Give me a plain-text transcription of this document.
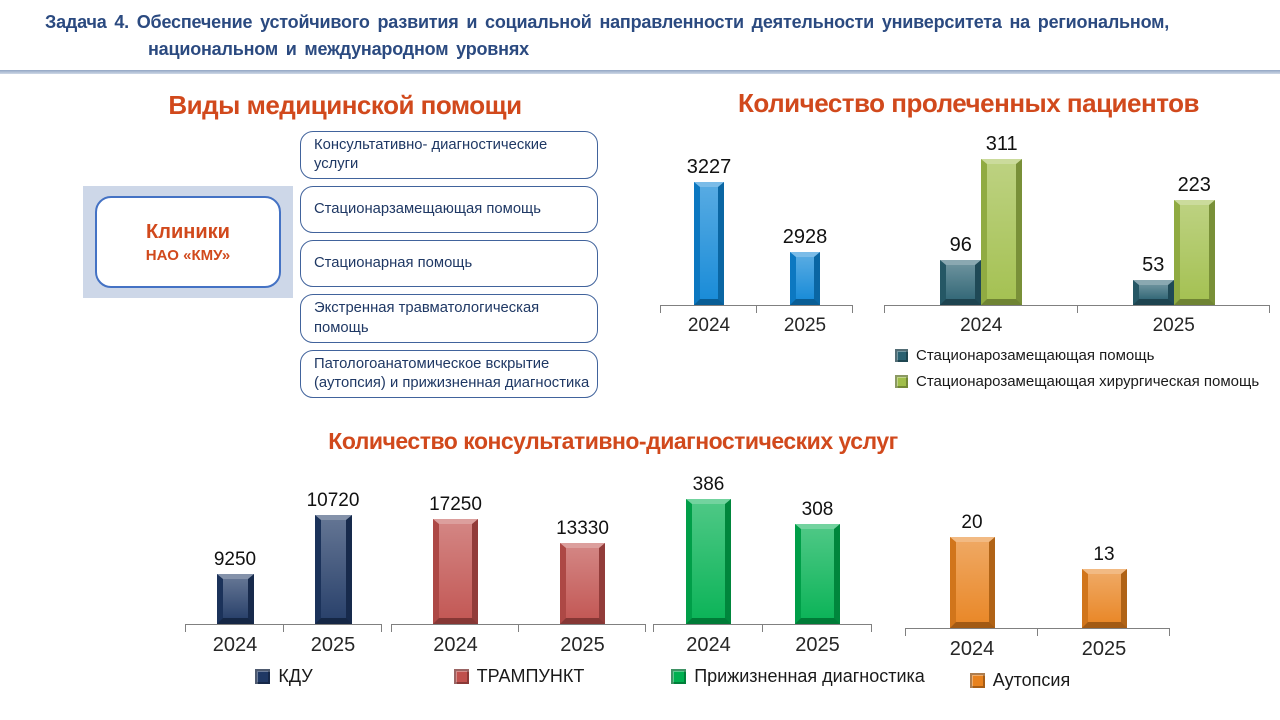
Задача 4. Обеспечение устойчивого развития и социальной направленности деятельности университета на региональном,
национальном и международном уровнях
Виды медицинской помощи	Количество пролеченных пациентов
Количество консультативно-диагностических услуг
Клиники
НАО «КМУ»
Консультативно- диагностические услуги
Стационарзамещающая помощь
Стационарная помощь
Экстренная травматологическая помощь
Патологоанатомическое вскрытие (аутопсия) и прижизненная диагностика
3227
2928
2024	2025
96
311
53
223
2024	2025
Стационарозамещающая помощь
Стационарозамещающая хирургическая помощь
9250
10720
2024	2025
КДУ
17250
13330
2024	2025
ТРАМПУНКТ
386
308
2024	2025
Прижизненная диагностика
20
13
2024	2025
Аутопсия
